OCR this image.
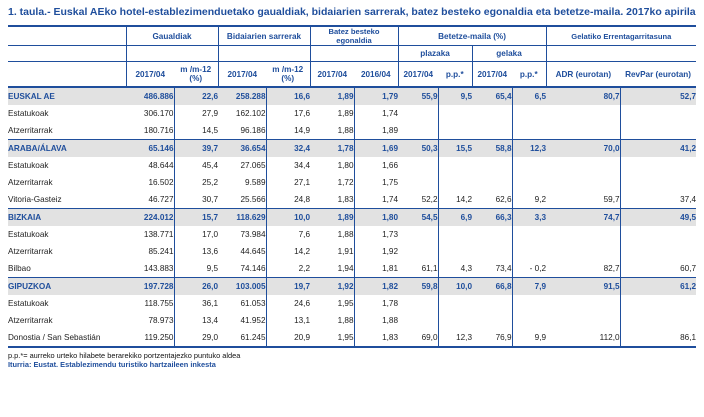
1. taula.- Euskal AEko hotel-establezimenduetako gaualdiak, bidaiarien sarrerak, batez besteko egonaldia eta betetze-maila. 2017ko apirila
	Gaualdiak		Bidaiarien sarrerak		Batez besteko egonaldia		Betetze-maila (%)				Gelatiko Errentagarritasuna	
							plazaka		gelaka			
	2017/04	m /m-12 (%)	2017/04	m /m-12 (%)	2017/04	2016/04	2017/04	p.p.*	2017/04	p.p.*	ADR (eurotan)	RevPar (eurotan)
EUSKAL AE	486.886	22,6	258.288	16,6	1,89	1,79	55,9	9,5	65,4	6,5	80,7	52,7
Estatukoak	306.170	27,9	162.102	17,6	1,89	1,74						
Atzerritarrak	180.716	14,5	96.186	14,9	1,88	1,89						
ARABA/ÁLAVA	65.146	39,7	36.654	32,4	1,78	1,69	50,3	15,5	58,8	12,3	70,0	41,2
Estatukoak	48.644	45,4	27.065	34,4	1,80	1,66						
Atzerritarrak	16.502	25,2	9.589	27,1	1,72	1,75						
Vitoria-Gasteiz	46.727	30,7	25.566	24,8	1,83	1,74	52,2	14,2	62,6	9,2	59,7	37,4
BIZKAIA	224.012	15,7	118.629	10,0	1,89	1,80	54,5	6,9	66,3	3,3	74,7	49,5
Estatukoak	138.771	17,0	73.984	7,6	1,88	1,73						
Atzerritarrak	85.241	13,6	44.645	14,2	1,91	1,92						
Bilbao	143.883	9,5	74.146	2,2	1,94	1,81	61,1	4,3	73,4	- 0,2	82,7	60,7
GIPUZKOA	197.728	26,0	103.005	19,7	1,92	1,82	59,8	10,0	66,8	7,9	91,5	61,2
Estatukoak	118.755	36,1	61.053	24,6	1,95	1,78						
Atzerritarrak	78.973	13,4	41.952	13,1	1,88	1,88						
Donostia / San Sebastián	119.250	29,0	61.245	20,9	1,95	1,83	69,0	12,3	76,9	9,9	112,0	86,1
p.p.*= aurreko urteko hilabete berarekiko portzentajezko puntuko aldea
Iturria: Eustat. Establezimendu turistiko hartzaileen inkesta
